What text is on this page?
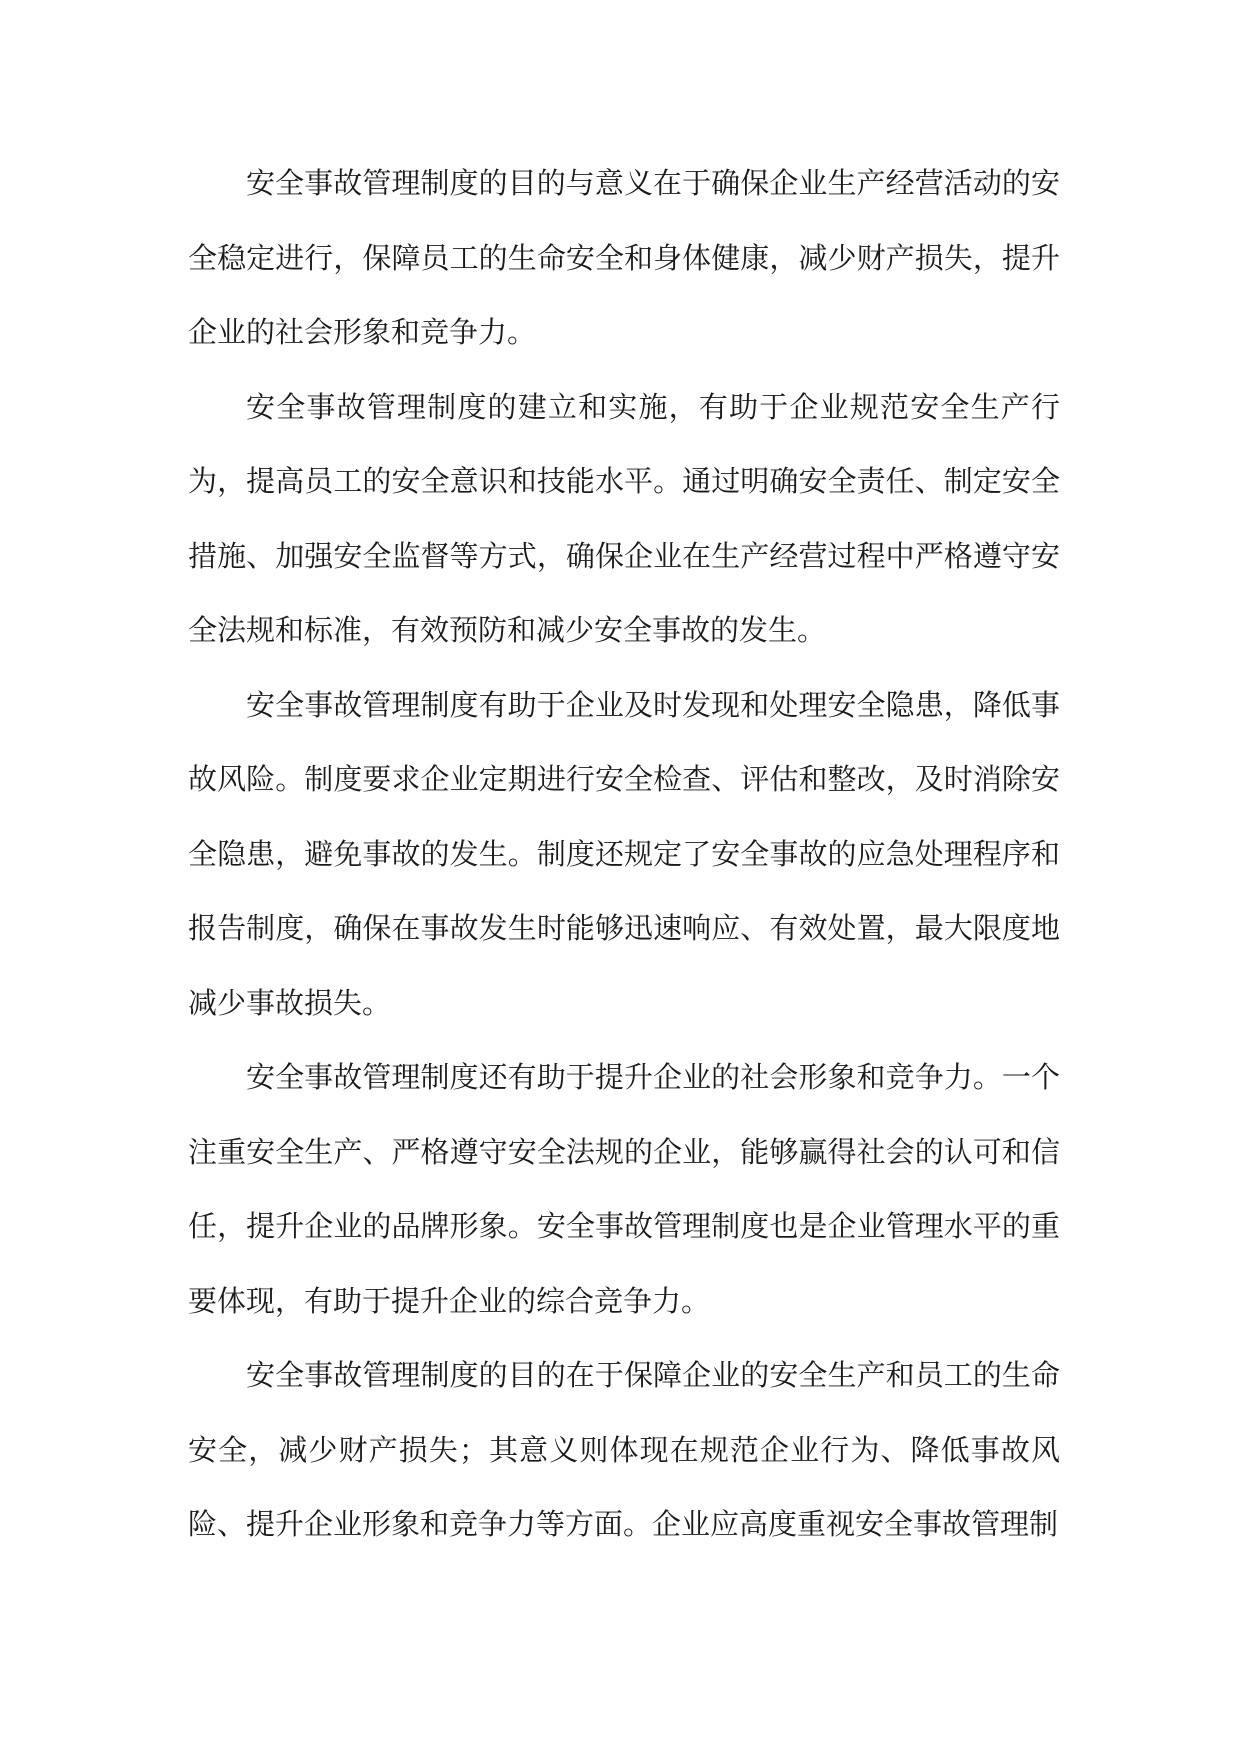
安全事故管理制度的目的与意义在于确保企业生产经营活动的安全稳定进行，保障员工的生命安全和身体健康，减少财产损失，提升企业的社会形象和竞争力。

安全事故管理制度的建立和实施，有助于企业规范安全生产行为，提高员工的安全意识和技能水平。通过明确安全责任、制定安全措施、加强安全监督等方式，确保企业在生产经营过程中严格遵守安全法规和标准，有效预防和减少安全事故的发生。

安全事故管理制度有助于企业及时发现和处理安全隐患，降低事故风险。制度要求企业定期进行安全检查、评估和整改，及时消除安全隐患，避免事故的发生。制度还规定了安全事故的应急处理程序和报告制度，确保在事故发生时能够迅速响应、有效处置，最大限度地减少事故损失。

安全事故管理制度还有助于提升企业的社会形象和竞争力。一个注重安全生产、严格遵守安全法规的企业，能够赢得社会的认可和信任，提升企业的品牌形象。安全事故管理制度也是企业管理水平的重要体现，有助于提升企业的综合竞争力。

安全事故管理制度的目的在于保障企业的安全生产和员工的生命安全，减少财产损失；其意义则体现在规范企业行为、降低事故风险、提升企业形象和竞争力等方面。企业应高度重视安全事故管理制
